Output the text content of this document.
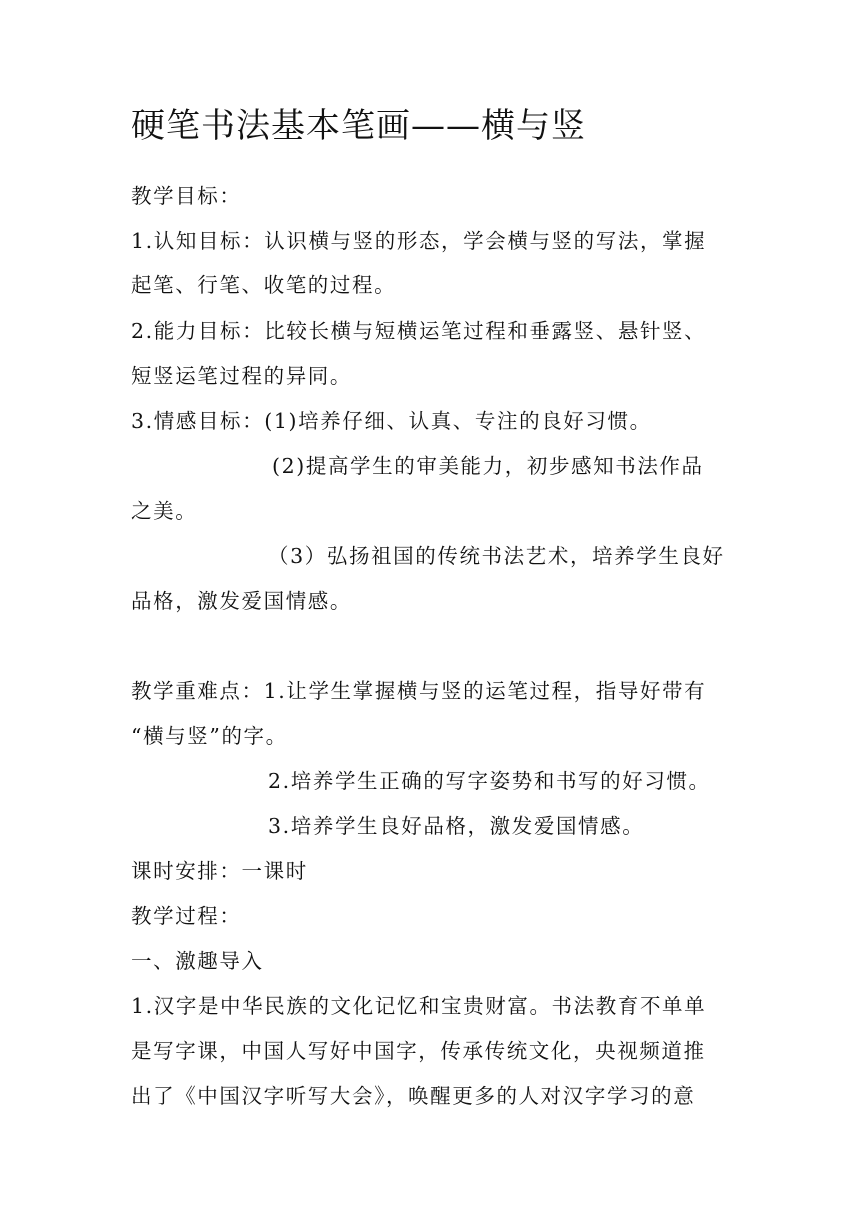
硬笔书法基本笔画——横与竖
教学目标：
1.认知目标：认识横与竖的形态，学会横与竖的写法，掌握
起笔、行笔、收笔的过程。
2.能力目标：比较长横与短横运笔过程和垂露竖、悬针竖、
短竖运笔过程的异同。
3.情感目标：(1)培养仔细、认真、专注的良好习惯。
(2)提高学生的审美能力，初步感知书法作品
之美。
（3）弘扬祖国的传统书法艺术，培养学生良好
品格，激发爱国情感。
教学重难点：1.让学生掌握横与竖的运笔过程，指导好带有
“横与竖”的字。
2.培养学生正确的写字姿势和书写的好习惯。
3.培养学生良好品格，激发爱国情感。
课时安排：一课时
教学过程：
一、激趣导入
1.汉字是中华民族的文化记忆和宝贵财富。书法教育不单单
是写字课，中国人写好中国字，传承传统文化，央视频道推
出了《中国汉字听写大会》，唤醒更多的人对汉字学习的意
